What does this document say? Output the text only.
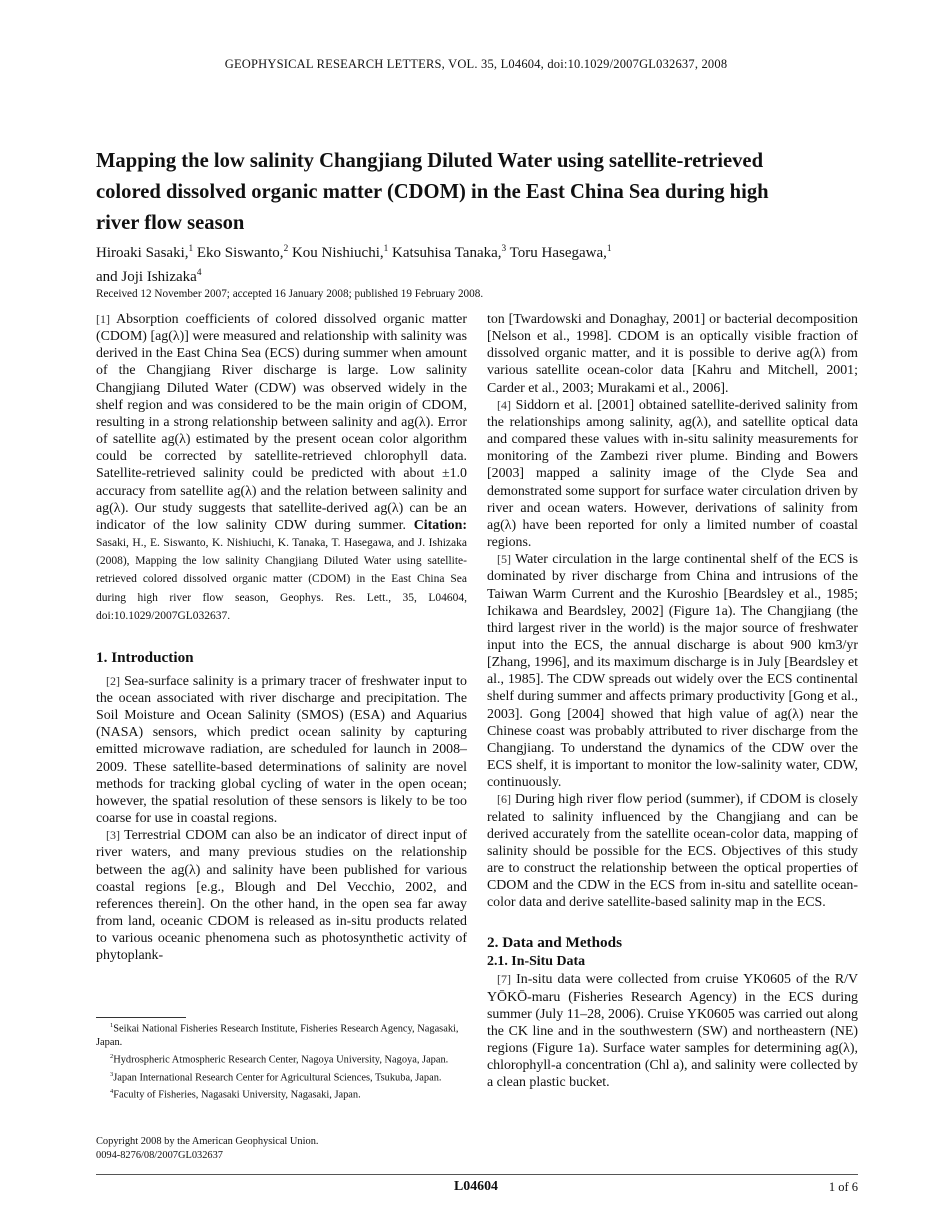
GEOPHYSICAL RESEARCH LETTERS, VOL. 35, L04604, doi:10.1029/2007GL032637, 2008
Mapping the low salinity Changjiang Diluted Water using satellite-retrieved colored dissolved organic matter (CDOM) in the East China Sea during high river flow season
Hiroaki Sasaki,$^1$ Eko Siswanto,$^2$ Kou Nishiuchi,$^1$ Katsuhisa Tanaka,$^3$ Toru Hasegawa,$^1$
and Joji Ishizaka$^4$
Received 12 November 2007; accepted 16 January 2008; published 19 February 2008.

[1] Absorption coefficients of colored dissolved organic matter (CDOM) [ag(λ)] were measured and relationship with salinity was derived in the East China Sea (ECS) during summer when amount of the Changjiang River discharge is large. Low salinity Changjiang Diluted Water (CDW) was observed widely in the shelf region and was considered to be the main origin of CDOM, resulting in a strong relationship between salinity and ag(λ). Error of satellite ag(λ) estimated by the present ocean color algorithm could be corrected by satellite-retrieved chlorophyll data. Satellite-retrieved salinity could be predicted with about ±1.0 accuracy from satellite ag(λ) and the relation between salinity and ag(λ). Our study suggests that satellite-derived ag(λ) can be an indicator of the low salinity CDW during summer. Citation: Sasaki, H., E. Siswanto, K. Nishiuchi, K. Tanaka, T. Hasegawa, and J. Ishizaka (2008), Mapping the low salinity Changjiang Diluted Water using satellite-retrieved colored dissolved organic matter (CDOM) in the East China Sea during high river flow season, Geophys. Res. Lett., 35, L04604, doi:10.1029/2007GL032637.

1. Introduction

[2] Sea-surface salinity is a primary tracer of freshwater input to the ocean associated with river discharge and precipitation. The Soil Moisture and Ocean Salinity (SMOS) (ESA) and Aquarius (NASA) sensors, which predict ocean salinity by capturing emitted microwave radiation, are scheduled for launch in 2008–2009. These satellite-based determinations of salinity are novel methods for tracking global cycling of water in the open ocean; however, the spatial resolution of these sensors is likely to be too coarse for use in coastal regions.

[3] Terrestrial CDOM can also be an indicator of direct input of river waters, and many previous studies on the relationship between the ag(λ) and salinity have been published for various coastal regions [e.g., Blough and Del Vecchio, 2002, and references therein]. On the other hand, in the open sea far away from land, oceanic CDOM is released as in-situ products related to various oceanic phenomena such as photosynthetic activity of phytoplank-

$^1$Seikai National Fisheries Research Institute, Fisheries Research Agency, Nagasaki, Japan.

$^2$Hydrospheric Atmospheric Research Center, Nagoya University, Nagoya, Japan.

$^3$Japan International Research Center for Agricultural Sciences, Tsukuba, Japan.

$^4$Faculty of Fisheries, Nagasaki University, Nagasaki, Japan.

Copyright 2008 by the American Geophysical Union.
0094-8276/08/2007GL032637

ton [Twardowski and Donaghay, 2001] or bacterial decomposition [Nelson et al., 1998]. CDOM is an optically visible fraction of dissolved organic matter, and it is possible to derive ag(λ) from various satellite ocean-color data [Kahru and Mitchell, 2001; Carder et al., 2003; Murakami et al., 2006].

[4] Siddorn et al. [2001] obtained satellite-derived salinity from the relationships among salinity, ag(λ), and satellite optical data and compared these values with in-situ salinity measurements for monitoring of the Zambezi river plume. Binding and Bowers [2003] mapped a salinity image of the Clyde Sea and demonstrated some support for surface water circulation driven by river and ocean waters. However, derivations of salinity from ag(λ) have been reported for only a limited number of coastal regions.

[5] Water circulation in the large continental shelf of the ECS is dominated by river discharge from China and intrusions of the Taiwan Warm Current and the Kuroshio [Beardsley et al., 1985; Ichikawa and Beardsley, 2002] (Figure 1a). The Changjiang (the third largest river in the world) is the major source of freshwater input into the ECS, the annual discharge is about 900 km3/yr [Zhang, 1996], and its maximum discharge is in July [Beardsley et al., 1985]. The CDW spreads out widely over the ECS continental shelf during summer and affects primary productivity [Gong et al., 2003]. Gong [2004] showed that high value of ag(λ) near the Chinese coast was probably attributed to river discharge from the Changjiang. To understand the dynamics of the CDW over the ECS shelf, it is important to monitor the low-salinity water, CDW, continuously.

[6] During high river flow period (summer), if CDOM is closely related to salinity influenced by the Changjiang and can be derived accurately from the satellite ocean-color data, mapping of salinity should be possible for the ECS. Objectives of this study are to construct the relationship between the optical properties of CDOM and the CDW in the ECS from in-situ and satellite ocean-color data and derive satellite-based salinity map in the ECS.

2. Data and Methods

2.1. In-Situ Data

[7] In-situ data were collected from cruise YK0605 of the R/V YŌKŌ-maru (Fisheries Research Agency) in the ECS during summer (July 11–28, 2006). Cruise YK0605 was carried out along the CK line and in the southwestern (SW) and northeastern (NE) regions (Figure 1a). Surface water samples for determining ag(λ), chlorophyll-a concentration (Chl a), and salinity were collected by a clean plastic bucket.

L04604	1 of 6
